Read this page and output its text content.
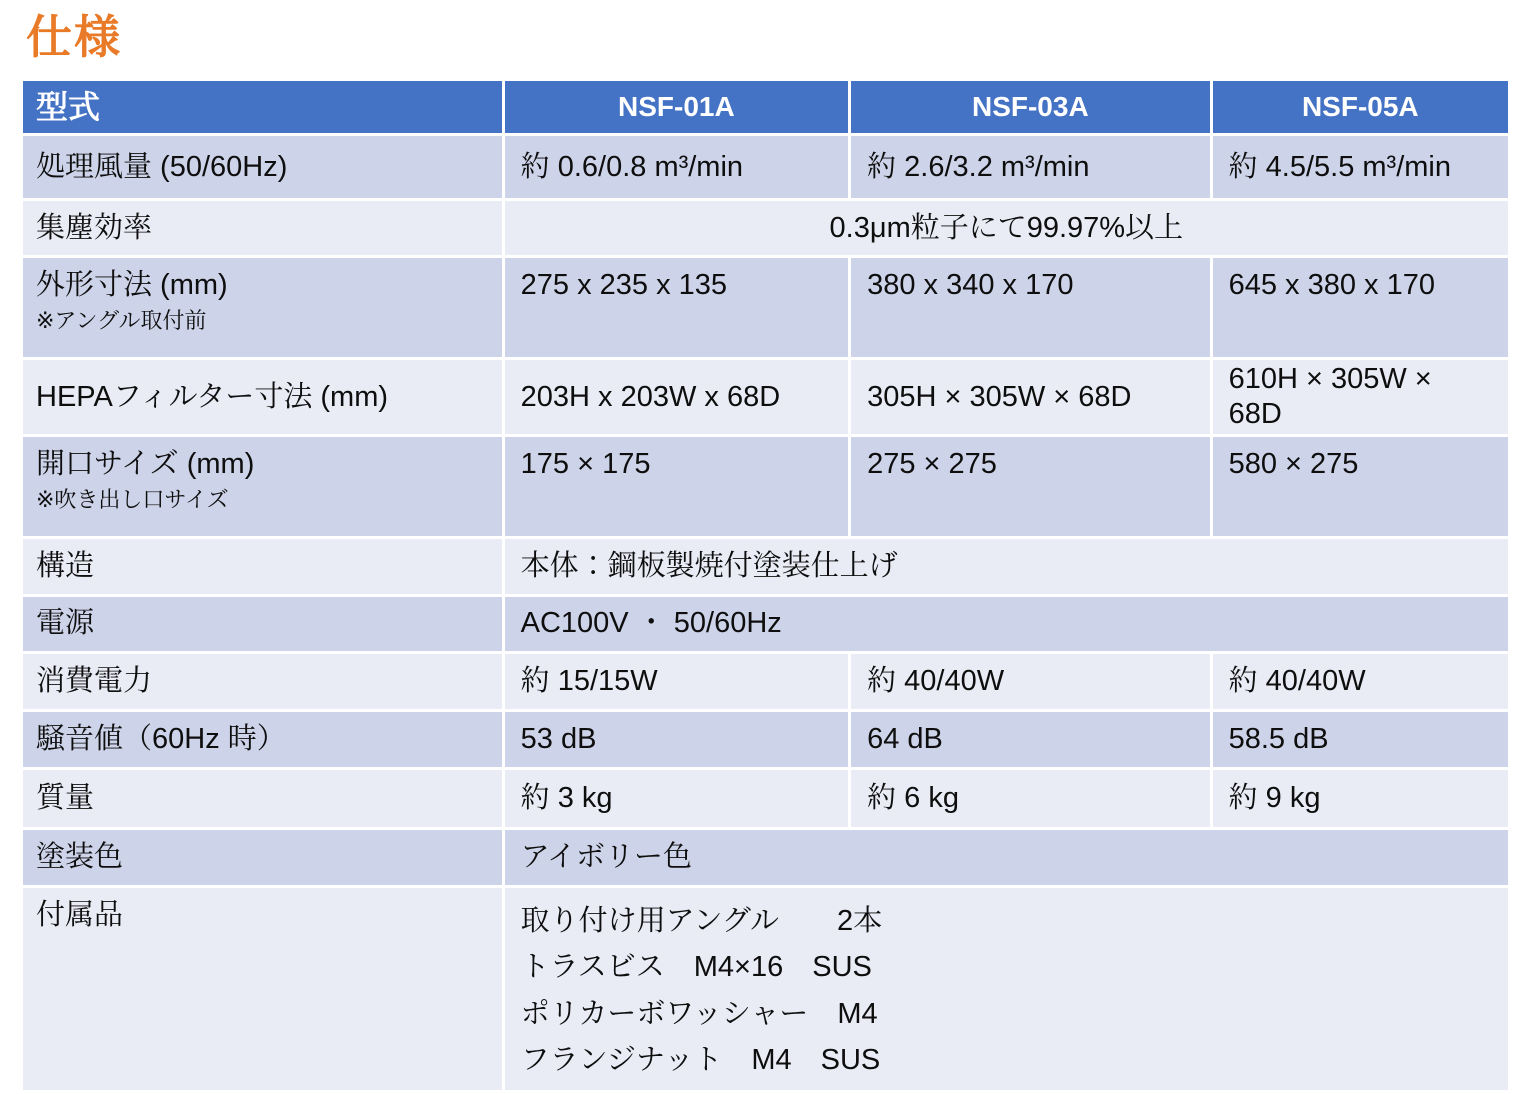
仕様
型式	NSF-01A	NSF-03A	NSF-05A
処理風量 (50/60Hz)	約 0.6/0.8 m³/min	約 2.6/3.2 m³/min	約 4.5/5.5 m³/min
集塵効率	0.3μm粒子にて99.97%以上		

外形寸法 (mm)
※アングル取付前	275 x 235 x 135	380 x 340 x 170	645 x 380 x 170
HEPAフィルター寸法 (mm)	203H x 203W x 68D	305H × 305W × 68D	610H × 305W × 68D

開口サイズ (mm)
※吹き出し口サイズ	175 × 175	275 × 275	580 × 275
構造	本体：鋼板製焼付塗装仕上げ		
電源	AC100V ・ 50/60Hz		
消費電力	約 15/15W	約 40/40W	約 40/40W
騒音値（60Hz 時）	53 dB	64 dB	58.5 dB
質量	約 3 kg	約 6 kg	約 9 kg
塗装色	アイボリー色		
付属品	取り付け用アングル　　2本
トラスビス　M4×16　SUS
ポリカーボワッシャー　M4
フランジナット　M4　SUS		
